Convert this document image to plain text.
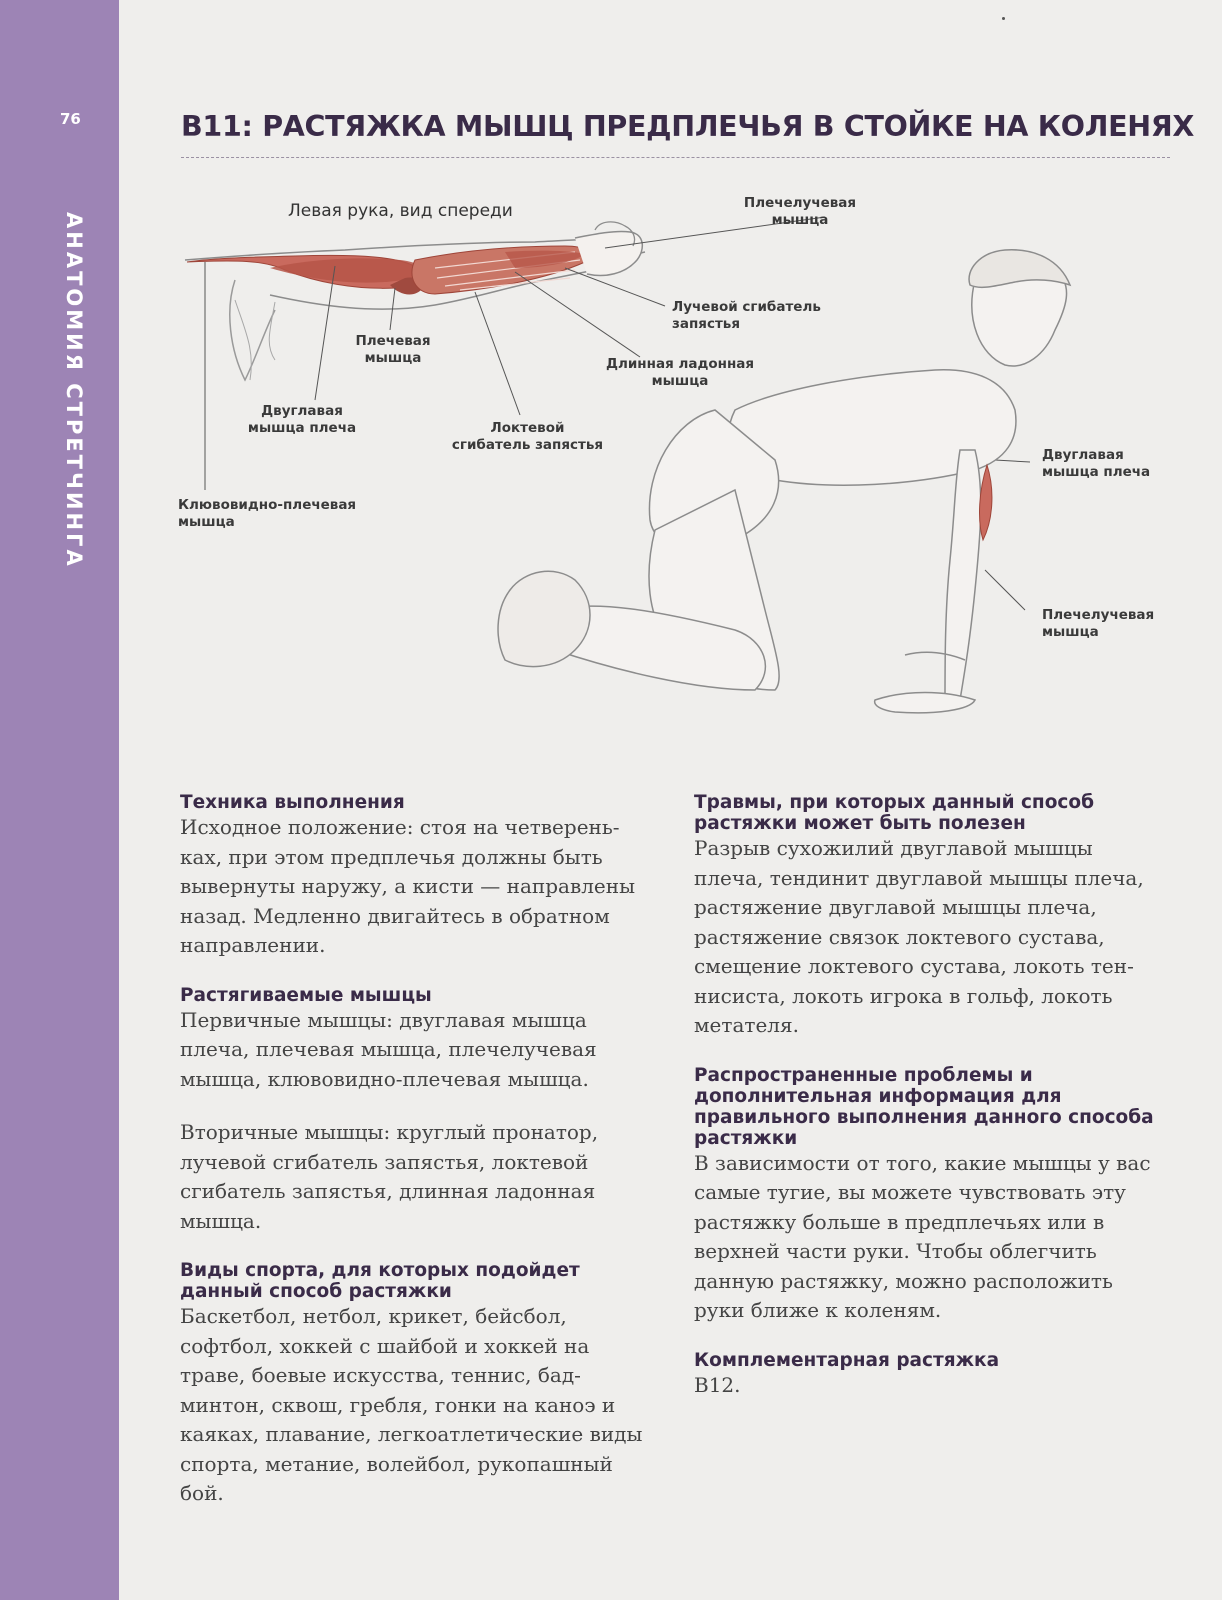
76
АНАТОМИЯ СТРЕТЧИНГА
B11: РАСТЯЖКА МЫШЦ ПРЕДПЛЕЧЬЯ В СТОЙКЕ НА КОЛЕНЯХ
Левая рука, вид спереди	Плечелучевая
мышца
Лучевой сгибатель
запястья
Плечевая
мышца	Длинная ладонная
мышца
Двуглавая
мышца плеча	Локтевой
сгибатель запястья
Клювовидно-плечевая
мышца
Двуглавая
мышца плеча
Плечелучевая
мышца
Техника выполнения
Исходное положение: стоя на четвереньках, при этом предплечья должны быть вывернуты наружу, а кисти — направлены назад. Медленно двигайтесь в обратном направлении.
Растягиваемые мышцы
Первичные мышцы: двуглавая мышца плеча, плечевая мышца, плечелучевая мышца, клювовидно-плечевая мышца.
Вторичные мышцы: круглый пронатор, лучевой сгибатель запястья, локтевой сгибатель запястья, длинная ладонная мышца.
Виды спорта, для которых подойдет данный способ растяжки
Баскетбол, нетбол, крикет, бейсбол, софтбол, хоккей с шайбой и хоккей на траве, боевые искусства, теннис, бадминтон, сквош, гребля, гонки на каноэ и каяках, плавание, легкоатлетические виды спорта, метание, волейбол, рукопашный бой.
Травмы, при которых данный способ растяжки может быть полезен
Разрыв сухожилий двуглавой мышцы плеча, тендинит двуглавой мышцы плеча, растяжение двуглавой мышцы плеча, растяжение связок локтевого сустава, смещение локтевого сустава, локоть теннисиста, локоть игрока в гольф, локоть метателя.
Распространенные проблемы и дополнительная информация для правильного выполнения данного способа растяжки
В зависимости от того, какие мышцы у вас самые тугие, вы можете чувствовать эту растяжку больше в предплечьях или в верхней части руки. Чтобы облегчить данную растяжку, можно расположить руки ближе к коленям.
Комплементарная растяжка
B12.
